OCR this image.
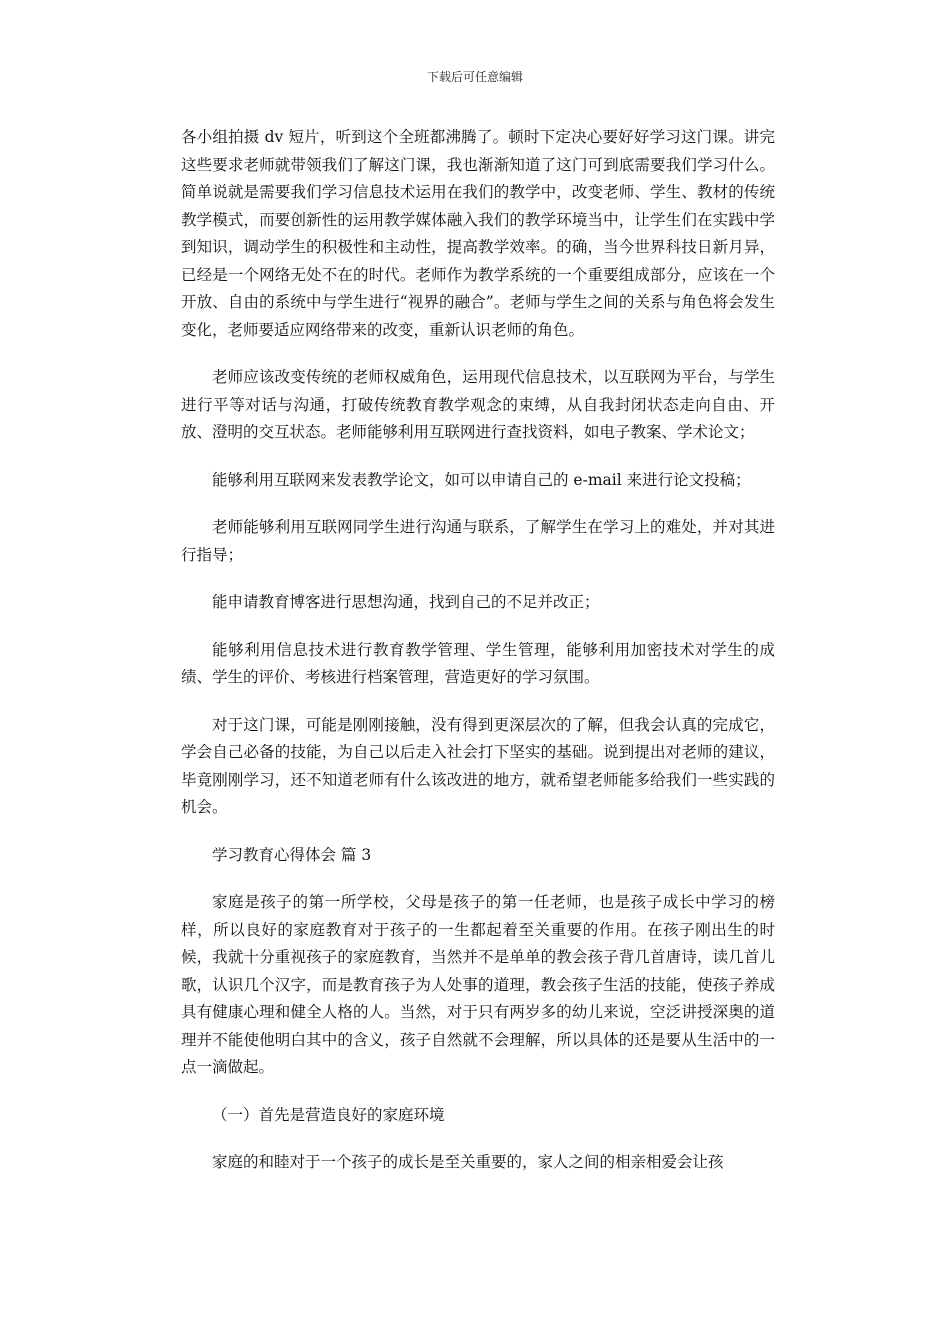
下载后可任意编辑

各小组拍摄 dv 短片，听到这个全班都沸腾了。顿时下定决心要好好学习这门课。讲完这些要求老师就带领我们了解这门课，我也渐渐知道了这门可到底需要我们学习什么。简单说就是需要我们学习信息技术运用在我们的教学中，改变老师、学生、教材的传统教学模式，而要创新性的运用教学媒体融入我们的教学环境当中，让学生们在实践中学到知识，调动学生的积极性和主动性，提高教学效率。的确，当今世界科技日新月异，已经是一个网络无处不在的时代。老师作为教学系统的一个重要组成部分，应该在一个开放、自由的系统中与学生进行“视界的融合”。老师与学生之间的关系与角色将会发生变化，老师要适应网络带来的改变，重新认识老师的角色。

老师应该改变传统的老师权威角色，运用现代信息技术，以互联网为平台，与学生进行平等对话与沟通，打破传统教育教学观念的束缚，从自我封闭状态走向自由、开放、澄明的交互状态。老师能够利用互联网进行查找资料，如电子教案、学术论文；

能够利用互联网来发表教学论文，如可以申请自己的 e-mail 来进行论文投稿；

老师能够利用互联网同学生进行沟通与联系，了解学生在学习上的难处，并对其进行指导；

能申请教育博客进行思想沟通，找到自己的不足并改正；

能够利用信息技术进行教育教学管理、学生管理，能够利用加密技术对学生的成绩、学生的评价、考核进行档案管理，营造更好的学习氛围。

对于这门课，可能是刚刚接触，没有得到更深层次的了解，但我会认真的完成它，学会自己必备的技能，为自己以后走入社会打下坚实的基础。说到提出对老师的建议，毕竟刚刚学习，还不知道老师有什么该改进的地方，就希望老师能多给我们一些实践的机会。

学习教育心得体会 篇 3

家庭是孩子的第一所学校，父母是孩子的第一任老师，也是孩子成长中学习的榜样，所以良好的家庭教育对于孩子的一生都起着至关重要的作用。在孩子刚出生的时候，我就十分重视孩子的家庭教育，当然并不是单单的教会孩子背几首唐诗，读几首儿歌，认识几个汉字，而是教育孩子为人处事的道理，教会孩子生活的技能，使孩子养成具有健康心理和健全人格的人。当然，对于只有两岁多的幼儿来说，空泛讲授深奥的道理并不能使他明白其中的含义，孩子自然就不会理解，所以具体的还是要从生活中的一点一滴做起。

（一）首先是营造良好的家庭环境

家庭的和睦对于一个孩子的成长是至关重要的，家人之间的相亲相爱会让孩
